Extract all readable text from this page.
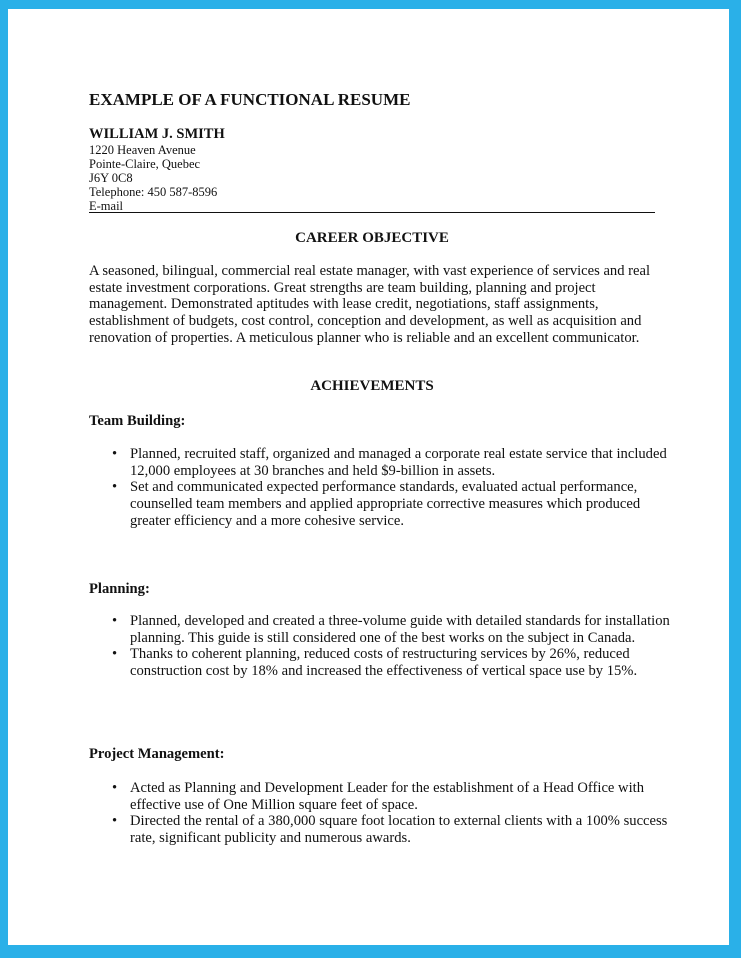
EXAMPLE OF A FUNCTIONAL RESUME
WILLIAM J. SMITH
1220 Heaven Avenue
Pointe-Claire, Quebec
J6Y 0C8
Telephone: 450 587-8596
E-mail
CAREER OBJECTIVE
A seasoned, bilingual, commercial real estate manager, with vast experience of services and real estate investment corporations. Great strengths are team building, planning and project management. Demonstrated aptitudes with lease credit, negotiations, staff assignments, establishment of budgets, cost control, conception and development, as well as acquisition and renovation of properties. A meticulous planner who is reliable and an excellent communicator.
ACHIEVEMENTS
Team Building:
• Planned, recruited staff, organized and managed a corporate real estate service that included 12,000 employees at 30 branches and held $9-billion in assets.
• Set and communicated expected performance standards, evaluated actual performance, counselled team members and applied appropriate corrective measures which produced greater efficiency and a more cohesive service.
Planning:
• Planned, developed and created a three-volume guide with detailed standards for installation planning. This guide is still considered one of the best works on the subject in Canada.
• Thanks to coherent planning, reduced costs of restructuring services by 26%, reduced construction cost by 18% and increased the effectiveness of vertical space use by 15%.
Project Management:
• Acted as Planning and Development Leader for the establishment of a Head Office with effective use of One Million square feet of space.
• Directed the rental of a 380,000 square foot location to external clients with a 100% success rate, significant publicity and numerous awards.
